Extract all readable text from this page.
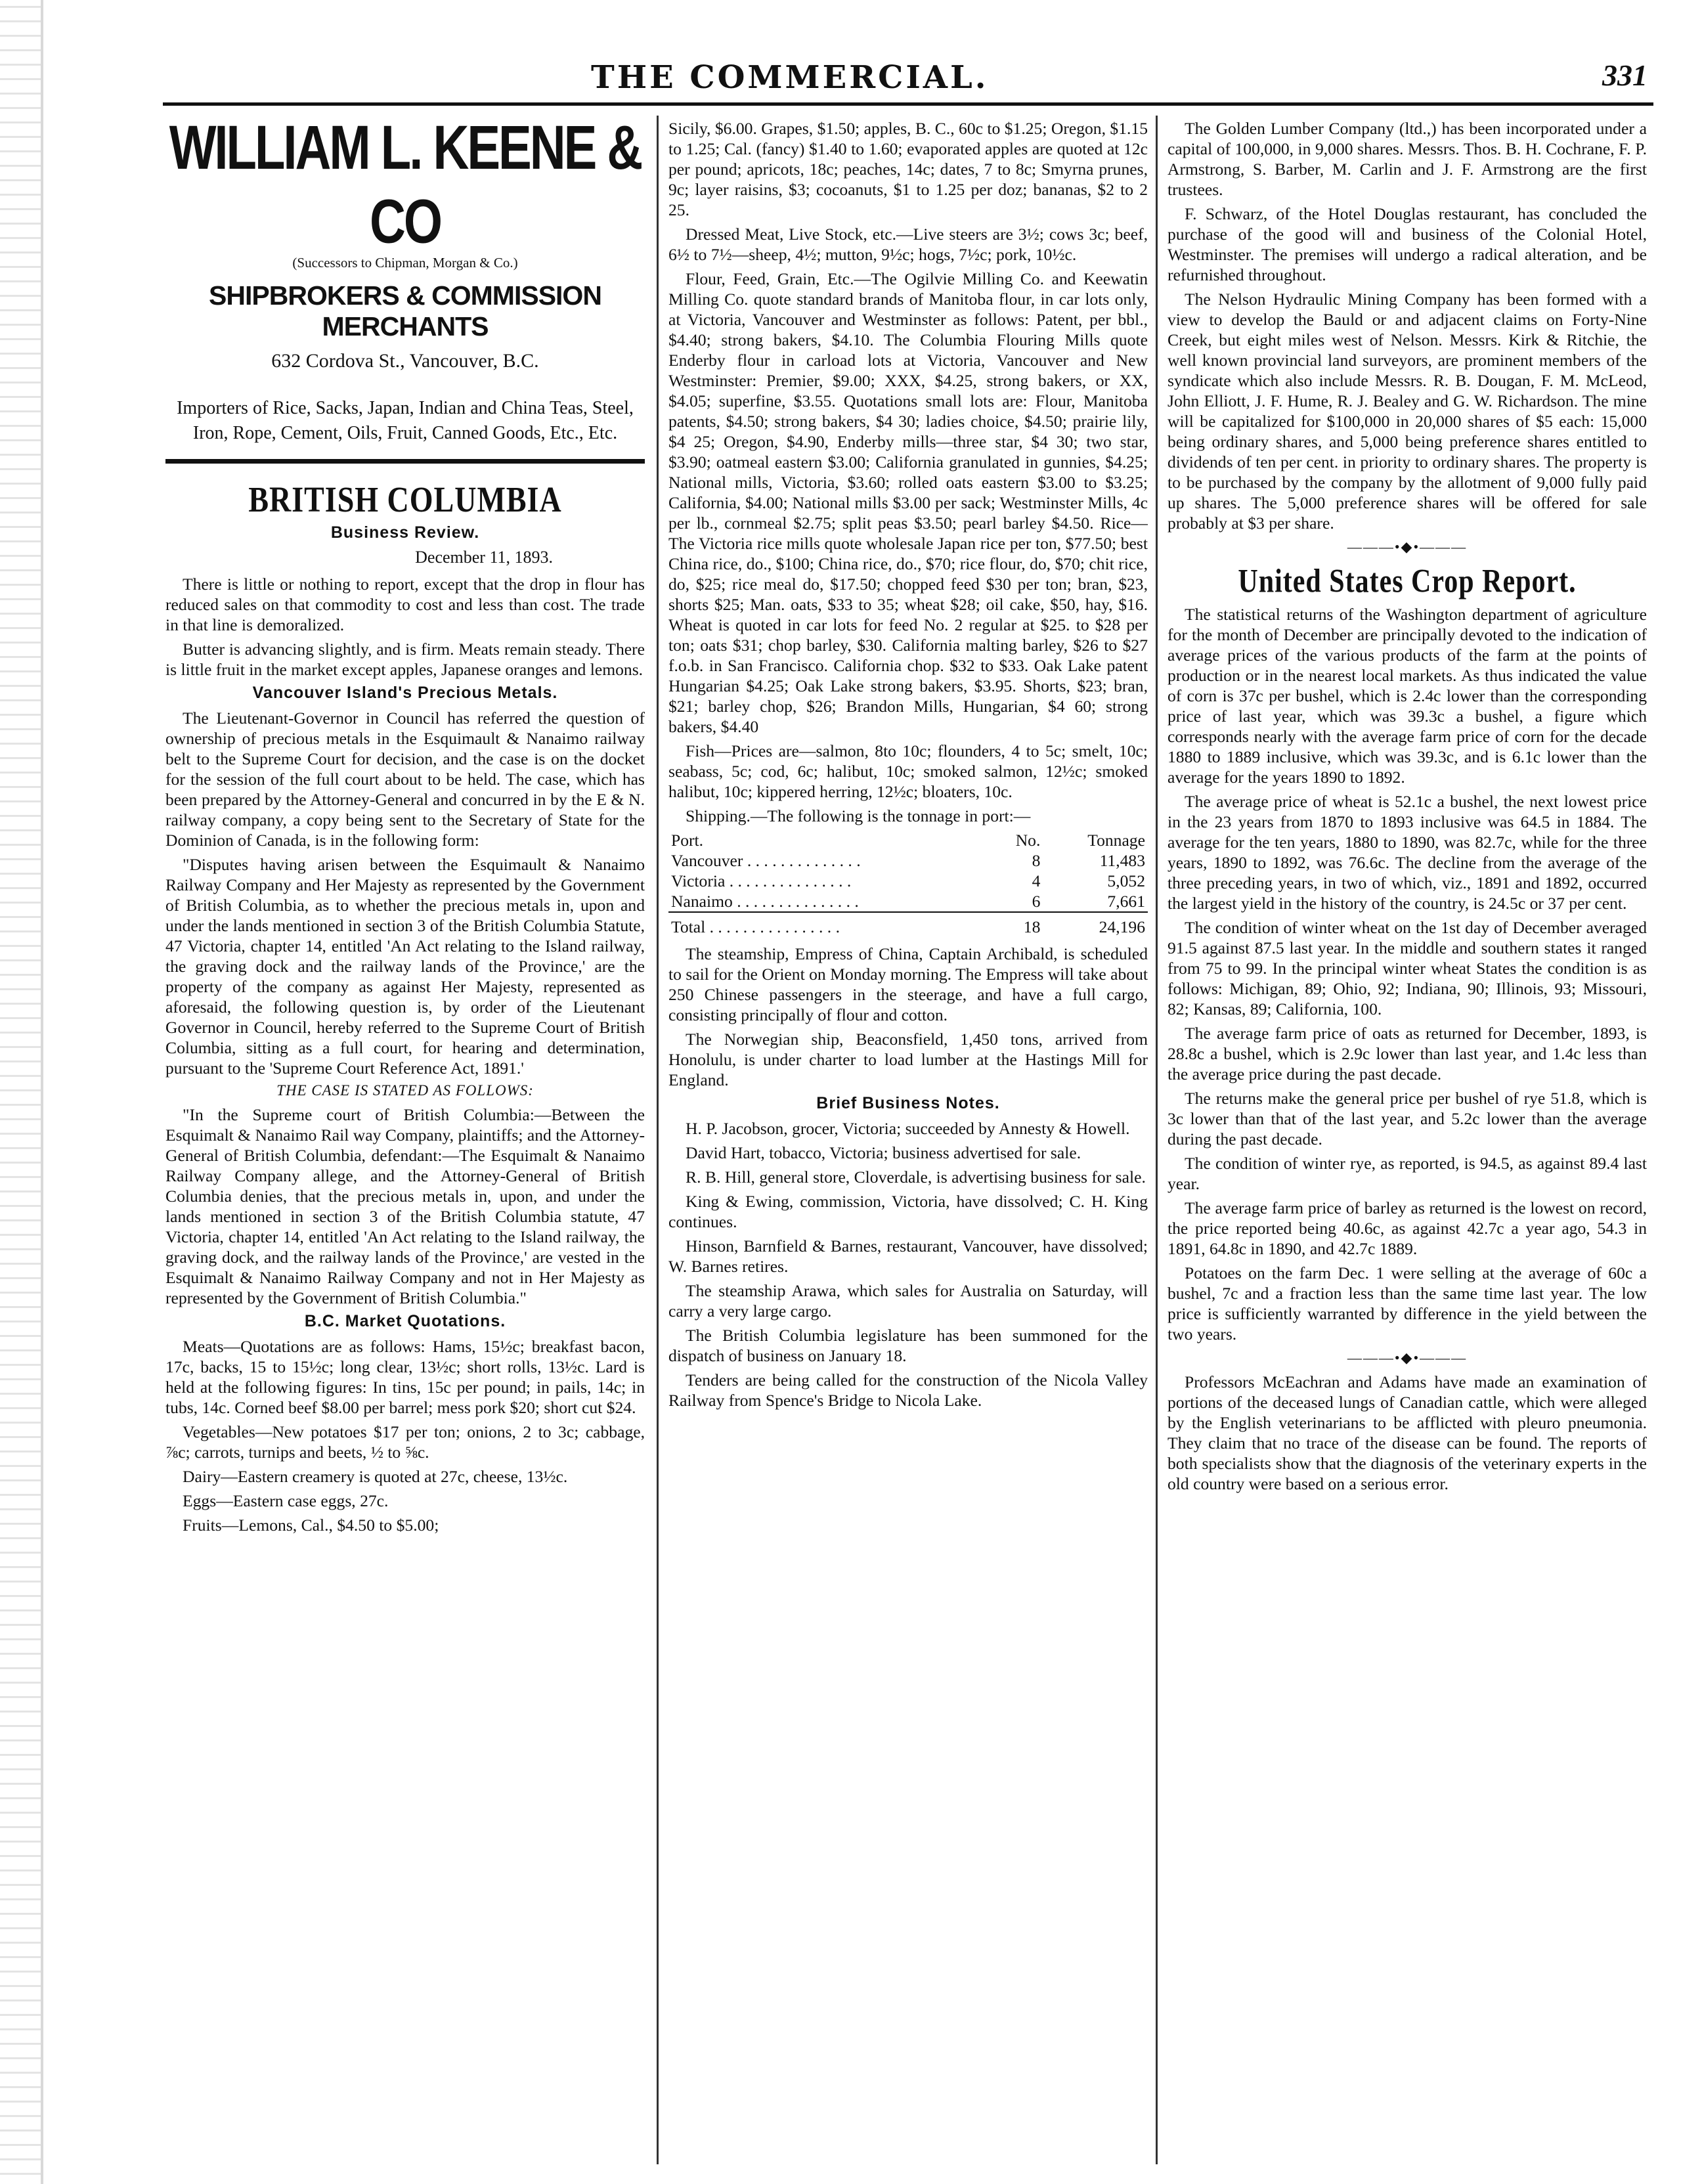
THE COMMERCIAL.	331
WILLIAM L. KEENE & CO
(Successors to Chipman, Morgan & Co.)
SHIPBROKERS & COMMISSION MERCHANTS
632 Cordova St., Vancouver, B.C.
Importers of Rice, Sacks, Japan, Indian and China Teas, Steel, Iron, Rope, Cement, Oils, Fruit, Canned Goods, Etc., Etc.
BRITISH COLUMBIA
Business Review.
December 11, 1893.

There is little or nothing to report, except that the drop in flour has reduced sales on that commodity to cost and less than cost. The trade in that line is demoralized.

Butter is advancing slightly, and is firm. Meats remain steady. There is little fruit in the market except apples, Japanese oranges and lemons.

Vancouver Island's Precious Metals.

The Lieutenant-Governor in Council has referred the question of ownership of precious metals in the Esquimault & Nanaimo railway belt to the Supreme Court for decision, and the case is on the docket for the session of the full court about to be held. The case, which has been prepared by the Attorney-General and concurred in by the E & N. railway company, a copy being sent to the Secretary of State for the Dominion of Canada, is in the following form:

"Disputes having arisen between the Esquimault & Nanaimo Railway Company and Her Majesty as represented by the Government of British Columbia, as to whether the precious metals in, upon and under the lands mentioned in section 3 of the British Columbia Statute, 47 Victoria, chapter 14, entitled 'An Act relating to the Island railway, the graving dock and the railway lands of the Province,' are the property of the company as against Her Majesty, represented as aforesaid, the following question is, by order of the Lieutenant Governor in Council, hereby referred to the Supreme Court of British Columbia, sitting as a full court, for hearing and determination, pursuant to the 'Supreme Court Reference Act, 1891.'

THE CASE IS STATED AS FOLLOWS:

"In the Supreme court of British Columbia:—Between the Esquimalt & Nanaimo Rail way Company, plaintiffs; and the Attorney-General of British Columbia, defendant:—The Esquimalt & Nanaimo Railway Company allege, and the Attorney-General of British Columbia denies, that the precious metals in, upon, and under the lands mentioned in section 3 of the British Columbia statute, 47 Victoria, chapter 14, entitled 'An Act relating to the Island railway, the graving dock, and the railway lands of the Province,' are vested in the Esquimalt & Nanaimo Railway Company and not in Her Majesty as represented by the Government of British Columbia."

B.C. Market Quotations.

Meats—Quotations are as follows: Hams, 15½c; breakfast bacon, 17c, backs, 15 to 15½c; long clear, 13½c; short rolls, 13½c. Lard is held at the following figures: In tins, 15c per pound; in pails, 14c; in tubs, 14c. Corned beef $8.00 per barrel; mess pork $20; short cut $24.

Vegetables—New potatoes $17 per ton; onions, 2 to 3c; cabbage, ⅞c; carrots, turnips and beets, ½ to ⅝c.

Dairy—Eastern creamery is quoted at 27c, cheese, 13½c.

Eggs—Eastern case eggs, 27c.

Fruits—Lemons, Cal., $4.50 to $5.00;

Sicily, $6.00. Grapes, $1.50; apples, B. C., 60c to $1.25; Oregon, $1.15 to 1.25; Cal. (fancy) $1.40 to 1.60; evaporated apples are quoted at 12c per pound; apricots, 18c; peaches, 14c; dates, 7 to 8c; Smyrna prunes, 9c; layer raisins, $3; cocoanuts, $1 to 1.25 per doz; bananas, $2 to 2 25.

Dressed Meat, Live Stock, etc.—Live steers are 3½; cows 3c; beef, 6½ to 7½—sheep, 4½; mutton, 9½c; hogs, 7½c; pork, 10½c.

Flour, Feed, Grain, Etc.—The Ogilvie Milling Co. and Keewatin Milling Co. quote standard brands of Manitoba flour, in car lots only, at Victoria, Vancouver and Westminster as follows: Patent, per bbl., $4.40; strong bakers, $4.10. The Columbia Flouring Mills quote Enderby flour in carload lots at Victoria, Vancouver and New Westminster: Premier, $9.00; XXX, $4.25, strong bakers, or XX, $4.05; superfine, $3.55. Quotations small lots are: Flour, Manitoba patents, $4.50; strong bakers, $4 30; ladies choice, $4.50; prairie lily, $4 25; Oregon, $4.90, Enderby mills—three star, $4 30; two star, $3.90; oatmeal eastern $3.00; California granulated in gunnies, $4.25; National mills, Victoria, $3.60; rolled oats eastern $3.00 to $3.25; California, $4.00; National mills $3.00 per sack; Westminster Mills, 4c per lb., cornmeal $2.75; split peas $3.50; pearl barley $4.50. Rice—The Victoria rice mills quote wholesale Japan rice per ton, $77.50; best China rice, do., $100; China rice, do., $70; rice flour, do, $70; chit rice, do, $25; rice meal do, $17.50; chopped feed $30 per ton; bran, $23, shorts $25; Man. oats, $33 to 35; wheat $28; oil cake, $50, hay, $16. Wheat is quoted in car lots for feed No. 2 regular at $25. to $28 per ton; oats $31; chop barley, $30. California malting barley, $26 to $27 f.o.b. in San Francisco. California chop. $32 to $33. Oak Lake patent Hungarian $4.25; Oak Lake strong bakers, $3.95. Shorts, $23; bran, $21; barley chop, $26; Brandon Mills, Hungarian, $4 60; strong bakers, $4.40

Fish—Prices are—salmon, 8to 10c; flounders, 4 to 5c; smelt, 10c; seabass, 5c; cod, 6c; halibut, 10c; smoked salmon, 12½c; smoked halibut, 10c; kippered herring, 12½c; bloaters, 10c.

Shipping.—The following is the tonnage in port:—

Port.	No.	Tonnage
Vancouver . . . . . . . . . . . . . .	8	11,483
Victoria . . . . . . . . . . . . . . .	4	5,052
Nanaimo . . . . . . . . . . . . . . .	6	7,661
Total . . . . . . . . . . . . . . . .	18	24,196

The steamship, Empress of China, Captain Archibald, is scheduled to sail for the Orient on Monday morning. The Empress will take about 250 Chinese passengers in the steerage, and have a full cargo, consisting principally of flour and cotton.

The Norwegian ship, Beaconsfield, 1,450 tons, arrived from Honolulu, is under charter to load lumber at the Hastings Mill for England.

Brief Business Notes.

H. P. Jacobson, grocer, Victoria; succeeded by Annesty & Howell.

David Hart, tobacco, Victoria; business advertised for sale.

R. B. Hill, general store, Cloverdale, is advertising business for sale.

King & Ewing, commission, Victoria, have dissolved; C. H. King continues.

Hinson, Barnfield & Barnes, restaurant, Vancouver, have dissolved; W. Barnes retires.

The steamship Arawa, which sales for Australia on Saturday, will carry a very large cargo.

The British Columbia legislature has been summoned for the dispatch of business on January 18.

Tenders are being called for the construction of the Nicola Valley Railway from Spence's Bridge to Nicola Lake.

The Golden Lumber Company (ltd.,) has been incorporated under a capital of 100,000, in 9,000 shares. Messrs. Thos. B. H. Cochrane, F. P. Armstrong, S. Barber, M. Carlin and J. F. Armstrong are the first trustees.

F. Schwarz, of the Hotel Douglas restaurant, has concluded the purchase of the good will and business of the Colonial Hotel, Westminster. The premises will undergo a radical alteration, and be refurnished throughout.

The Nelson Hydraulic Mining Company has been formed with a view to develop the Bauld or and adjacent claims on Forty-Nine Creek, but eight miles west of Nelson. Messrs. Kirk & Ritchie, the well known provincial land surveyors, are prominent members of the syndicate which also include Messrs. R. B. Dougan, F. M. McLeod, John Elliott, J. F. Hume, R. J. Bealey and G. W. Richardson. The mine will be capitalized for $100,000 in 20,000 shares of $5 each: 15,000 being ordinary shares, and 5,000 being preference shares entitled to dividends of ten per cent. in priority to ordinary shares. The property is to be purchased by the company by the allotment of 9,000 fully paid up shares. The 5,000 preference shares will be offered for sale probably at $3 per share.

———•◆•———
United States Crop Report.

The statistical returns of the Washington department of agriculture for the month of December are principally devoted to the indication of average prices of the various products of the farm at the points of production or in the nearest local markets. As thus indicated the value of corn is 37c per bushel, which is 2.4c lower than the corresponding price of last year, which was 39.3c a bushel, a figure which corresponds nearly with the average farm price of corn for the decade 1880 to 1889 inclusive, which was 39.3c, and is 6.1c lower than the average for the years 1890 to 1892.

The average price of wheat is 52.1c a bushel, the next lowest price in the 23 years from 1870 to 1893 inclusive was 64.5 in 1884. The average for the ten years, 1880 to 1890, was 82.7c, while for the three years, 1890 to 1892, was 76.6c. The decline from the average of the three preceding years, in two of which, viz., 1891 and 1892, occurred the largest yield in the history of the country, is 24.5c or 37 per cent.

The condition of winter wheat on the 1st day of December averaged 91.5 against 87.5 last year. In the middle and southern states it ranged from 75 to 99. In the principal winter wheat States the condition is as follows: Michigan, 89; Ohio, 92; Indiana, 90; Illinois, 93; Missouri, 82; Kansas, 89; California, 100.

The average farm price of oats as returned for December, 1893, is 28.8c a bushel, which is 2.9c lower than last year, and 1.4c less than the average price during the past decade.

The returns make the general price per bushel of rye 51.8, which is 3c lower than that of the last year, and 5.2c lower than the average during the past decade.

The condition of winter rye, as reported, is 94.5, as against 89.4 last year.

The average farm price of barley as returned is the lowest on record, the price reported being 40.6c, as against 42.7c a year ago, 54.3 in 1891, 64.8c in 1890, and 42.7c 1889.

Potatoes on the farm Dec. 1 were selling at the average of 60c a bushel, 7c and a fraction less than the same time last year. The low price is sufficiently warranted by difference in the yield between the two years.

———•◆•———

Professors McEachran and Adams have made an examination of portions of the deceased lungs of Canadian cattle, which were alleged by the English veterinarians to be afflicted with pleuro pneumonia. They claim that no trace of the disease can be found. The reports of both specialists show that the diagnosis of the veterinary experts in the old country were based on a serious error.
